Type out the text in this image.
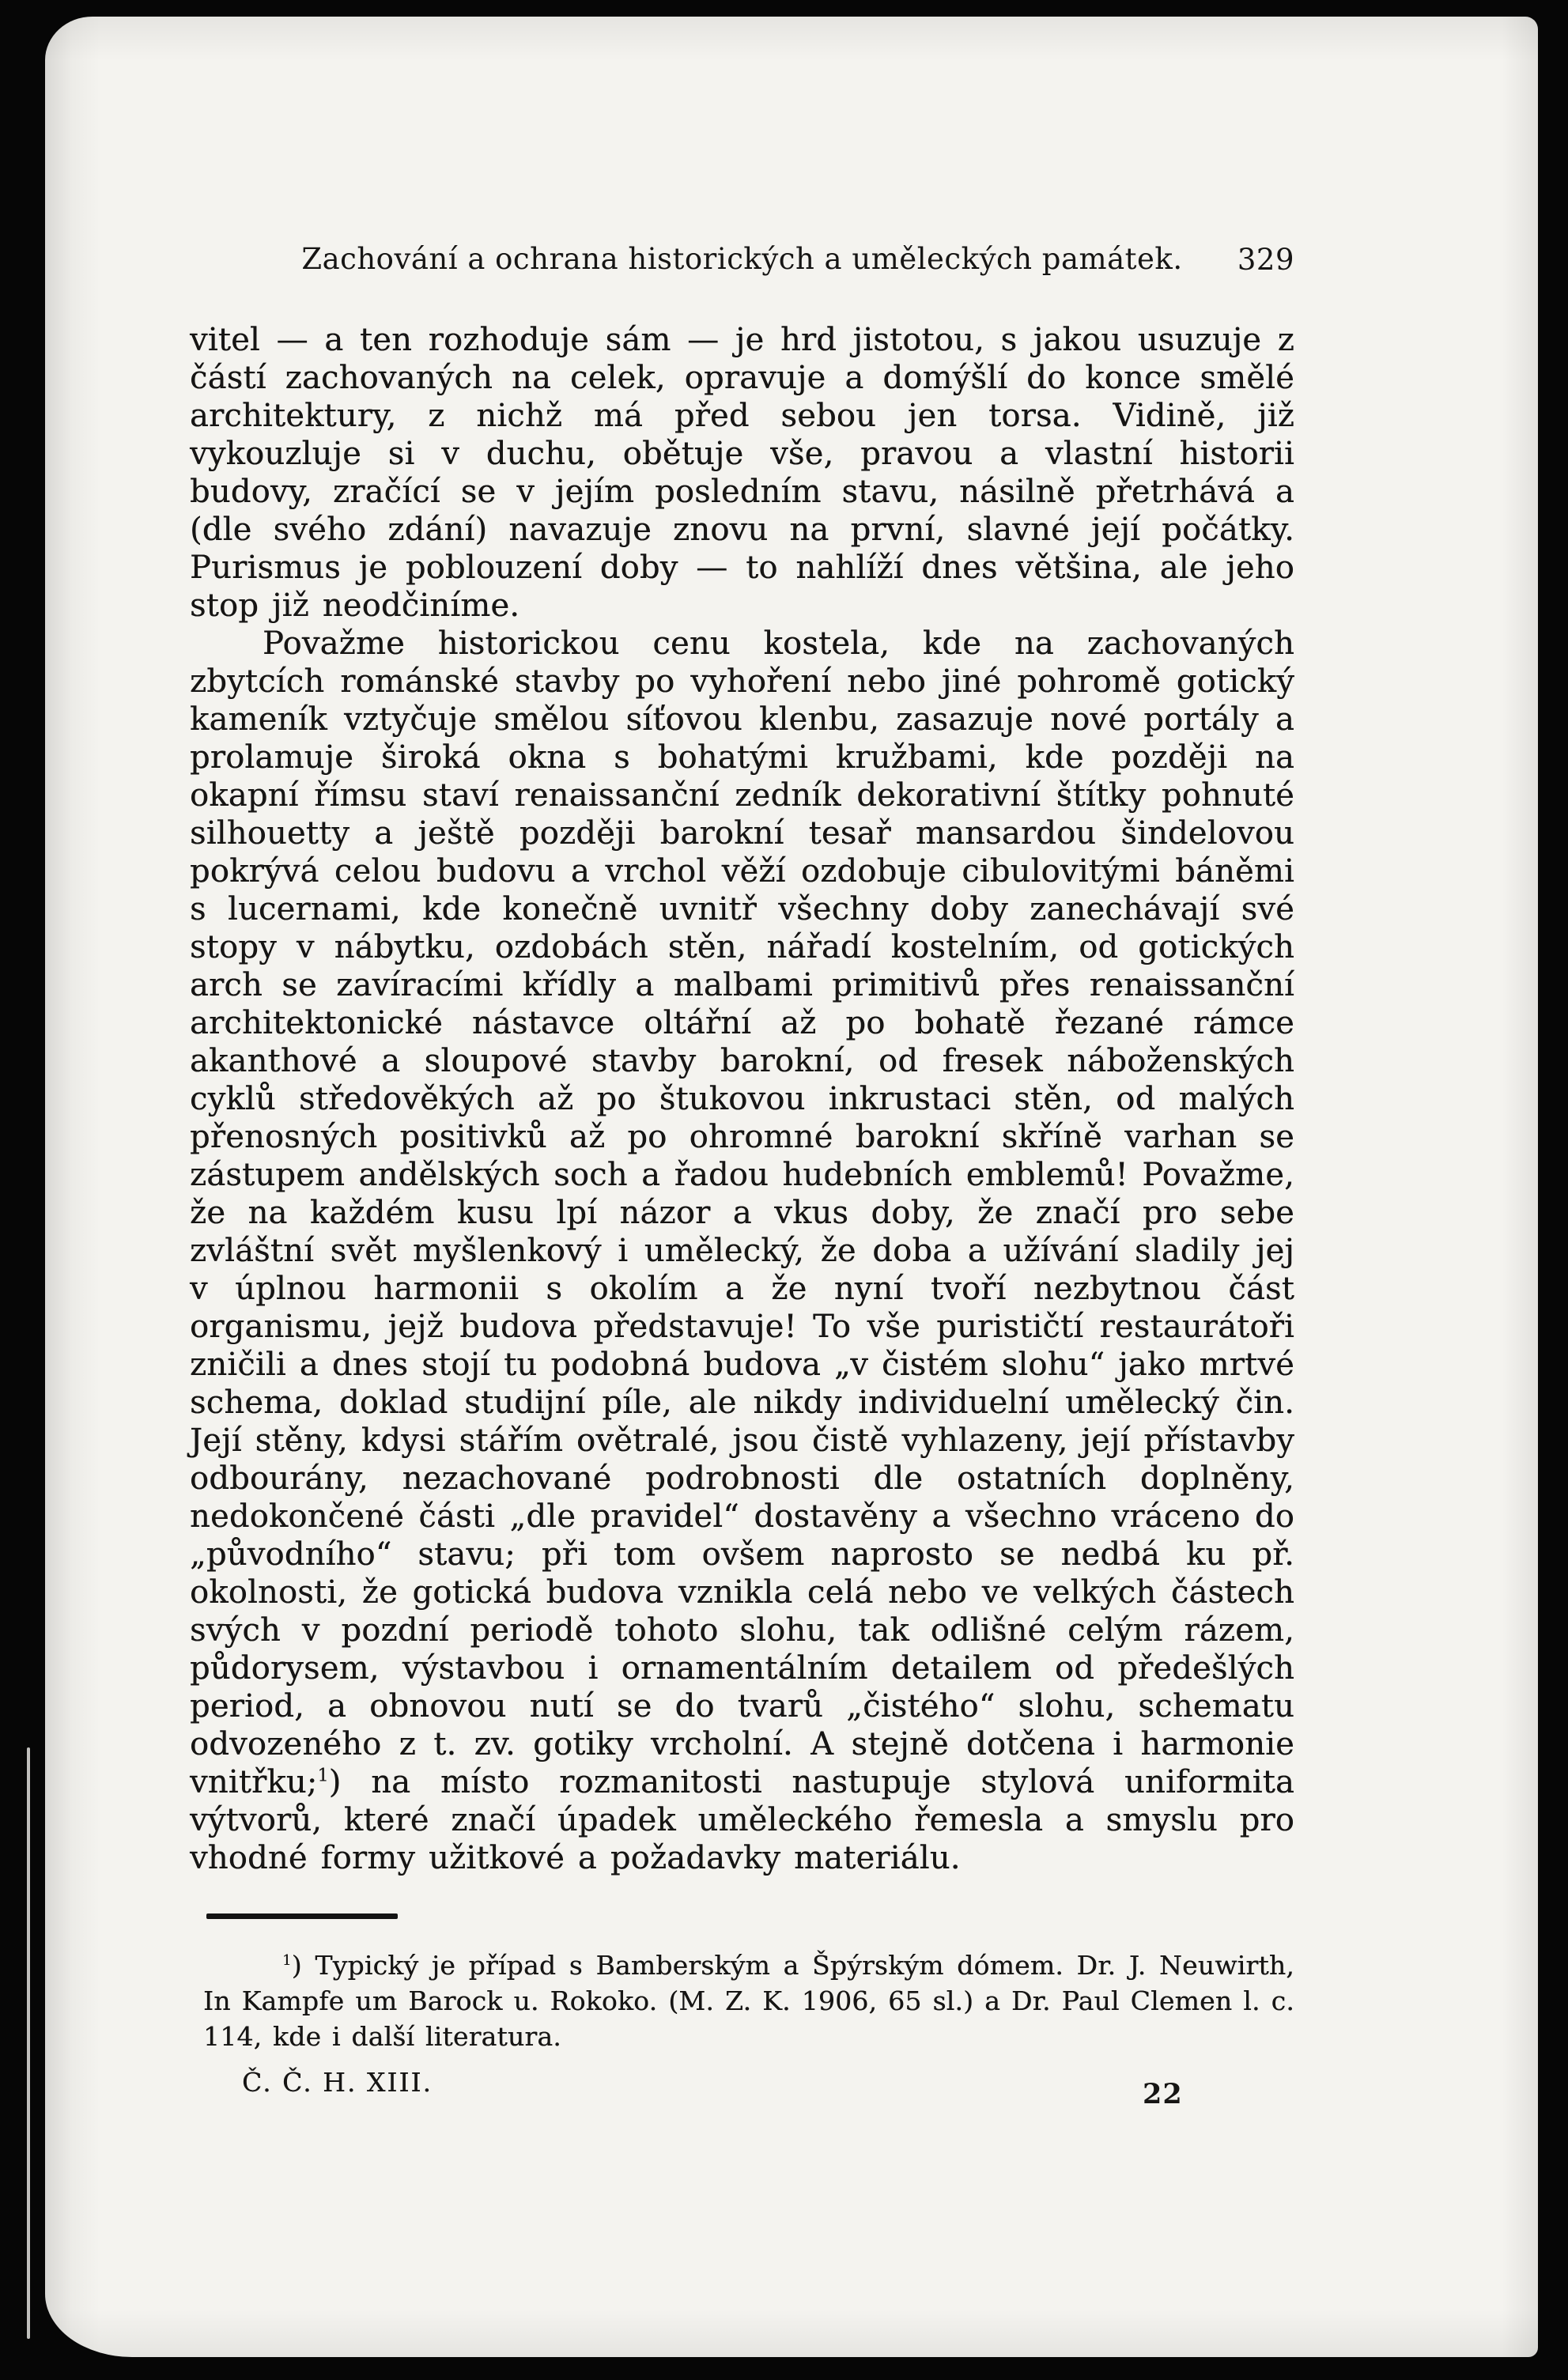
Zachování a ochrana historických a uměleckých památek.	329

vitel — a ten rozhoduje sám — je hrd jistotou, s jakou usuzuje z částí zachovaných na celek, opravuje a domýšlí do konce smělé architektury, z nichž má před sebou jen torsa. Vidině, již vykouzluje si v duchu, obětuje vše, pravou a vlastní historii budovy, zračící se v jejím posledním stavu, násilně přetrhává a (dle svého zdání) navazuje znovu na první, slavné její počátky. Purismus je poblouzení doby — to nahlíží dnes většina, ale jeho stop již neodčiníme.

Považme historickou cenu kostela, kde na zachovaných zbytcích románské stavby po vyhoření nebo jiné pohromě gotický kameník vztyčuje smělou síťovou klenbu, zasazuje nové portály a prolamuje široká okna s bohatými kružbami, kde později na okapní římsu staví renaissanční zedník dekorativní štítky pohnuté silhouetty a ještě později barokní tesař mansardou šindelovou pokrývá celou budovu a vrchol věží ozdobuje cibulovitými báněmi s lucernami, kde konečně uvnitř všechny doby zanechávají své stopy v nábytku, ozdobách stěn, nářadí kostelním, od gotických arch se zavíracími křídly a malbami primitivů přes renaissanční architektonické nástavce oltářní až po bohatě řezané rámce akanthové a sloupové stavby barokní, od fresek náboženských cyklů středověkých až po štukovou inkrustaci stěn, od malých přenosných positivků až po ohromné barokní skříně varhan se zástupem andělských soch a řadou hudebních emblemů! Považme, že na každém kusu lpí názor a vkus doby, že značí pro sebe zvláštní svět myšlenkový i umělecký, že doba a užívání sladily jej v úplnou harmonii s okolím a že nyní tvoří nezbytnou část organismu, jejž budova představuje! To vše purističtí restaurátoři zničili a dnes stojí tu podobná budova „v čistém slohu“ jako mrtvé schema, doklad studijní píle, ale nikdy individuelní umělecký čin. Její stěny, kdysi stářím ovětralé, jsou čistě vyhlazeny, její přístavby odbourány, nezachované podrobnosti dle ostatních doplněny, nedokončené části „dle pravidel“ dostavěny a všechno vráceno do „původního“ stavu; při tom ovšem naprosto se nedbá ku př. okolnosti, že gotická budova vznikla celá nebo ve velkých částech svých v pozdní periodě tohoto slohu, tak odlišné celým rázem, půdorysem, výstavbou i ornamentálním detailem od předešlých period, a obnovou nutí se do tvarů „čistého“ slohu, schematu odvozeného z t. zv. gotiky vrcholní. A stejně dotčena i harmonie vnitřku;$^1$) na místo rozmanitosti nastupuje stylová uniformita výtvorů, které značí úpadek uměleckého řemesla a smyslu pro vhodné formy užitkové a požadavky materiálu.

$^1$) Typický je případ s Bamberským a Špýrským dómem. Dr. J. Neuwirth, In Kampfe um Barock u. Rokoko. (M. Z. K. 1906, 65 sl.) a Dr. Paul Clemen l. c. 114, kde i další literatura.

Č. Č. H. XIII.	22
